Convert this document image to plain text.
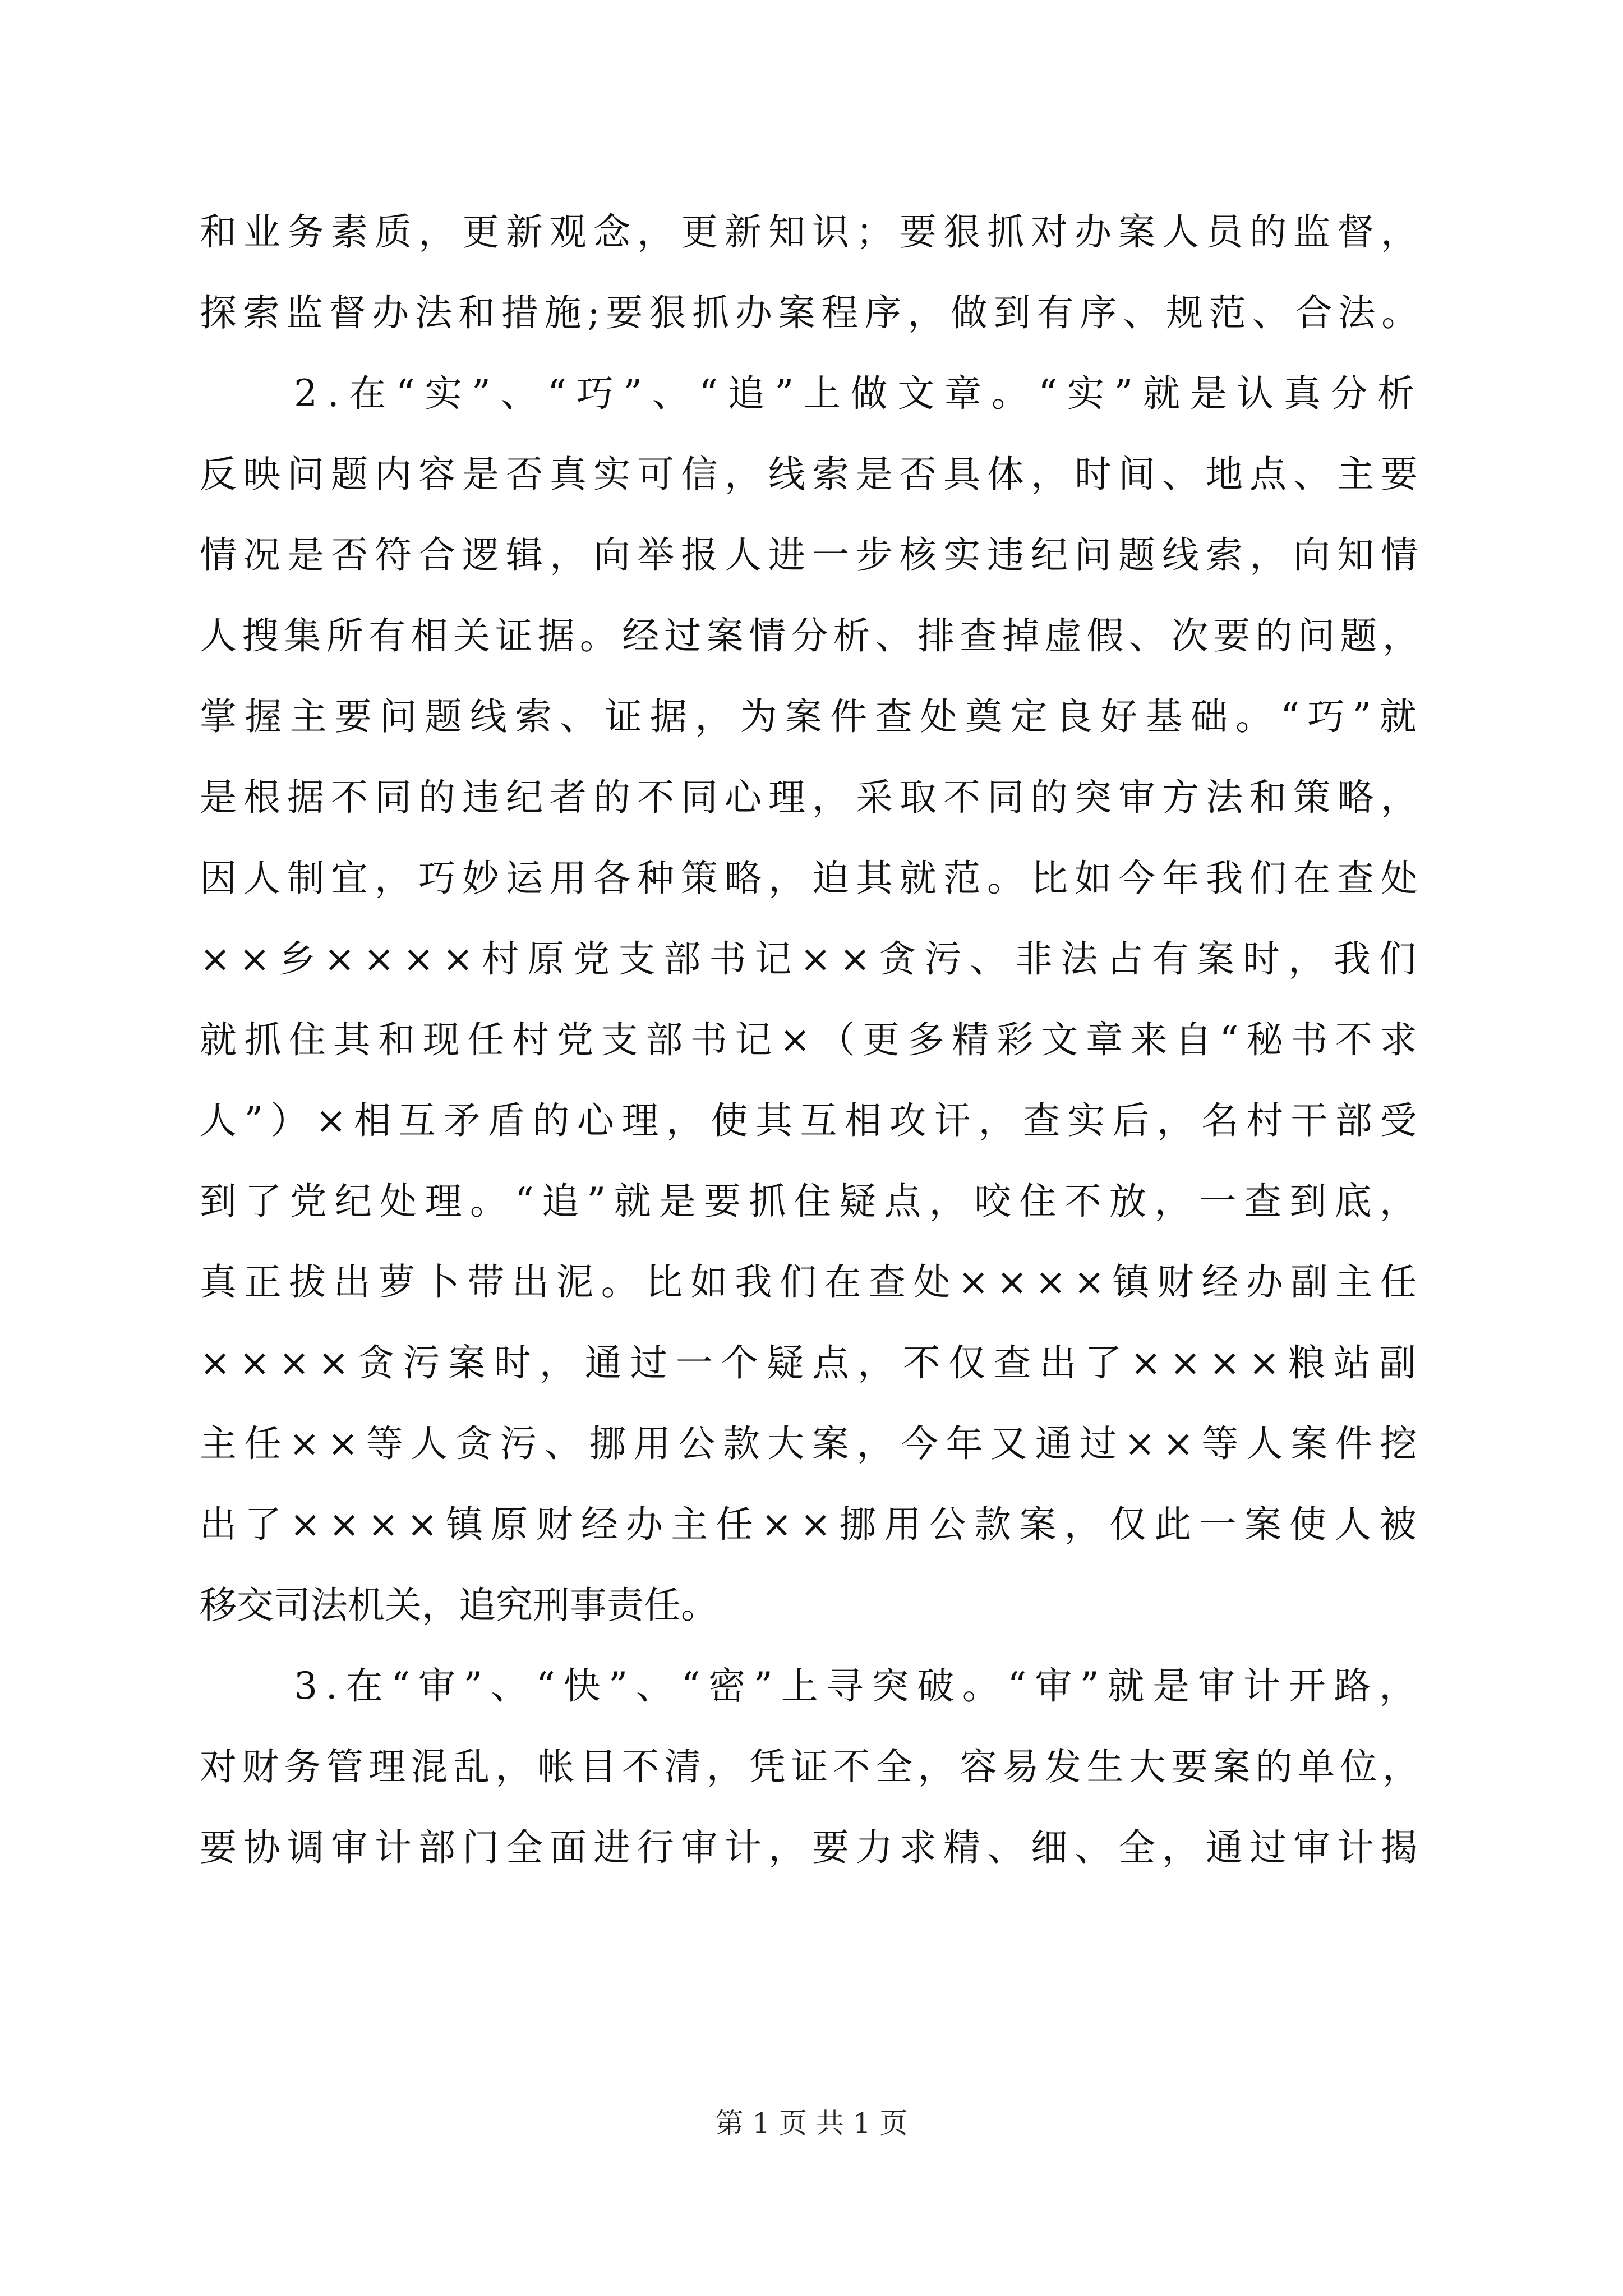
和业务素质，更新观念，更新知识；要狠抓对办案人员的监督，
探索监督办法和措施;要狠抓办案程序，做到有序、规范、合法。
2.在“实”、“巧”、“追”上做文章。“实”就是认真分析
反映问题内容是否真实可信，线索是否具体，时间、地点、主要
情况是否符合逻辑，向举报人进一步核实违纪问题线索，向知情
人搜集所有相关证据。经过案情分析、排查掉虚假、次要的问题，
掌握主要问题线索、证据，为案件查处奠定良好基础。“巧”就
是根据不同的违纪者的不同心理，采取不同的突审方法和策略，
因人制宜，巧妙运用各种策略，迫其就范。比如今年我们在查处
××乡××××村原党支部书记××贪污、非法占有案时，我们
就抓住其和现任村党支部书记×（更多精彩文章来自“秘书不求
人”）×相互矛盾的心理，使其互相攻讦，查实后，名村干部受
到了党纪处理。“追”就是要抓住疑点，咬住不放，一查到底，
真正拔出萝卜带出泥。比如我们在查处××××镇财经办副主任
××××贪污案时，通过一个疑点，不仅查出了××××粮站副
主任××等人贪污、挪用公款大案，今年又通过××等人案件挖
出了××××镇原财经办主任××挪用公款案，仅此一案使人被
移交司法机关，追究刑事责任。
3.在“审”、“快”、“密”上寻突破。“审”就是审计开路，
对财务管理混乱，帐目不清，凭证不全，容易发生大要案的单位，
要协调审计部门全面进行审计，要力求精、细、全，通过审计揭
第 1 页 共 1 页
